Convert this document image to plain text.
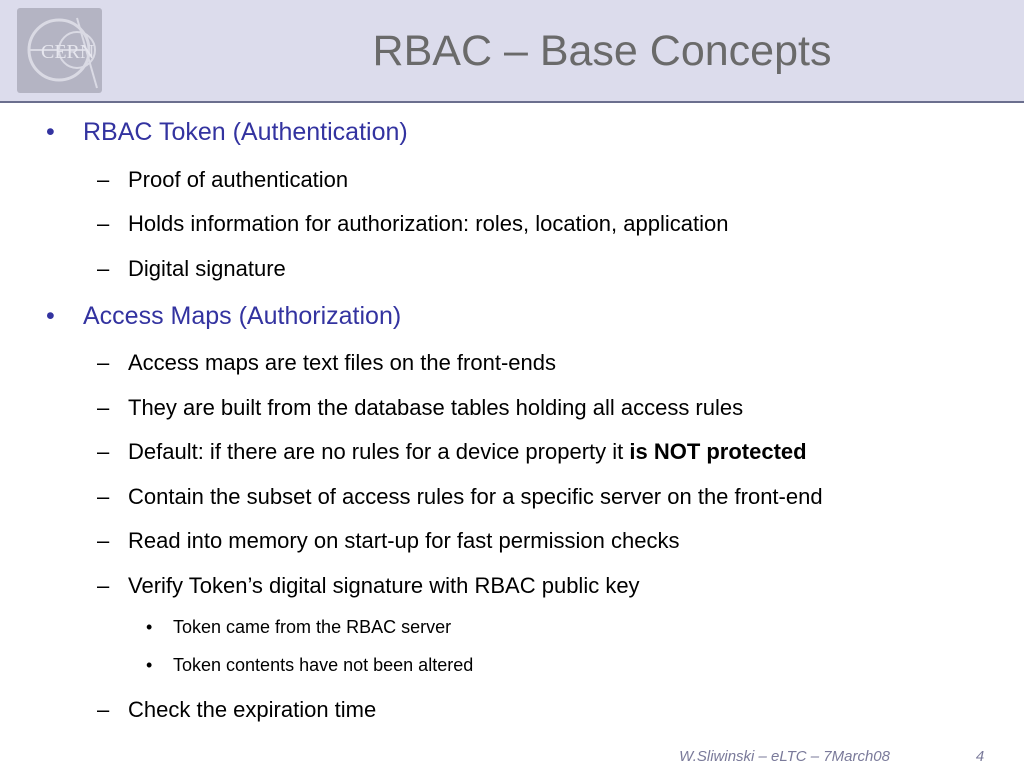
CERN	RBAC – Base Concepts
• RBAC Token (Authentication)
– Proof of authentication
– Holds information for authorization: roles, location, application
– Digital signature
• Access Maps (Authorization)
– Access maps are text files on the front-ends
– They are built from the database tables holding all access rules
– Default: if there are no rules for a device property it is NOT protected
– Contain the subset of access rules for a specific server on the front-end
– Read into memory on start-up for fast permission checks
– Verify Token’s digital signature with RBAC public key
• Token came from the RBAC server
• Token contents have not been altered
– Check the expiration time
W.Sliwinski – eLTC – 7March08	4
